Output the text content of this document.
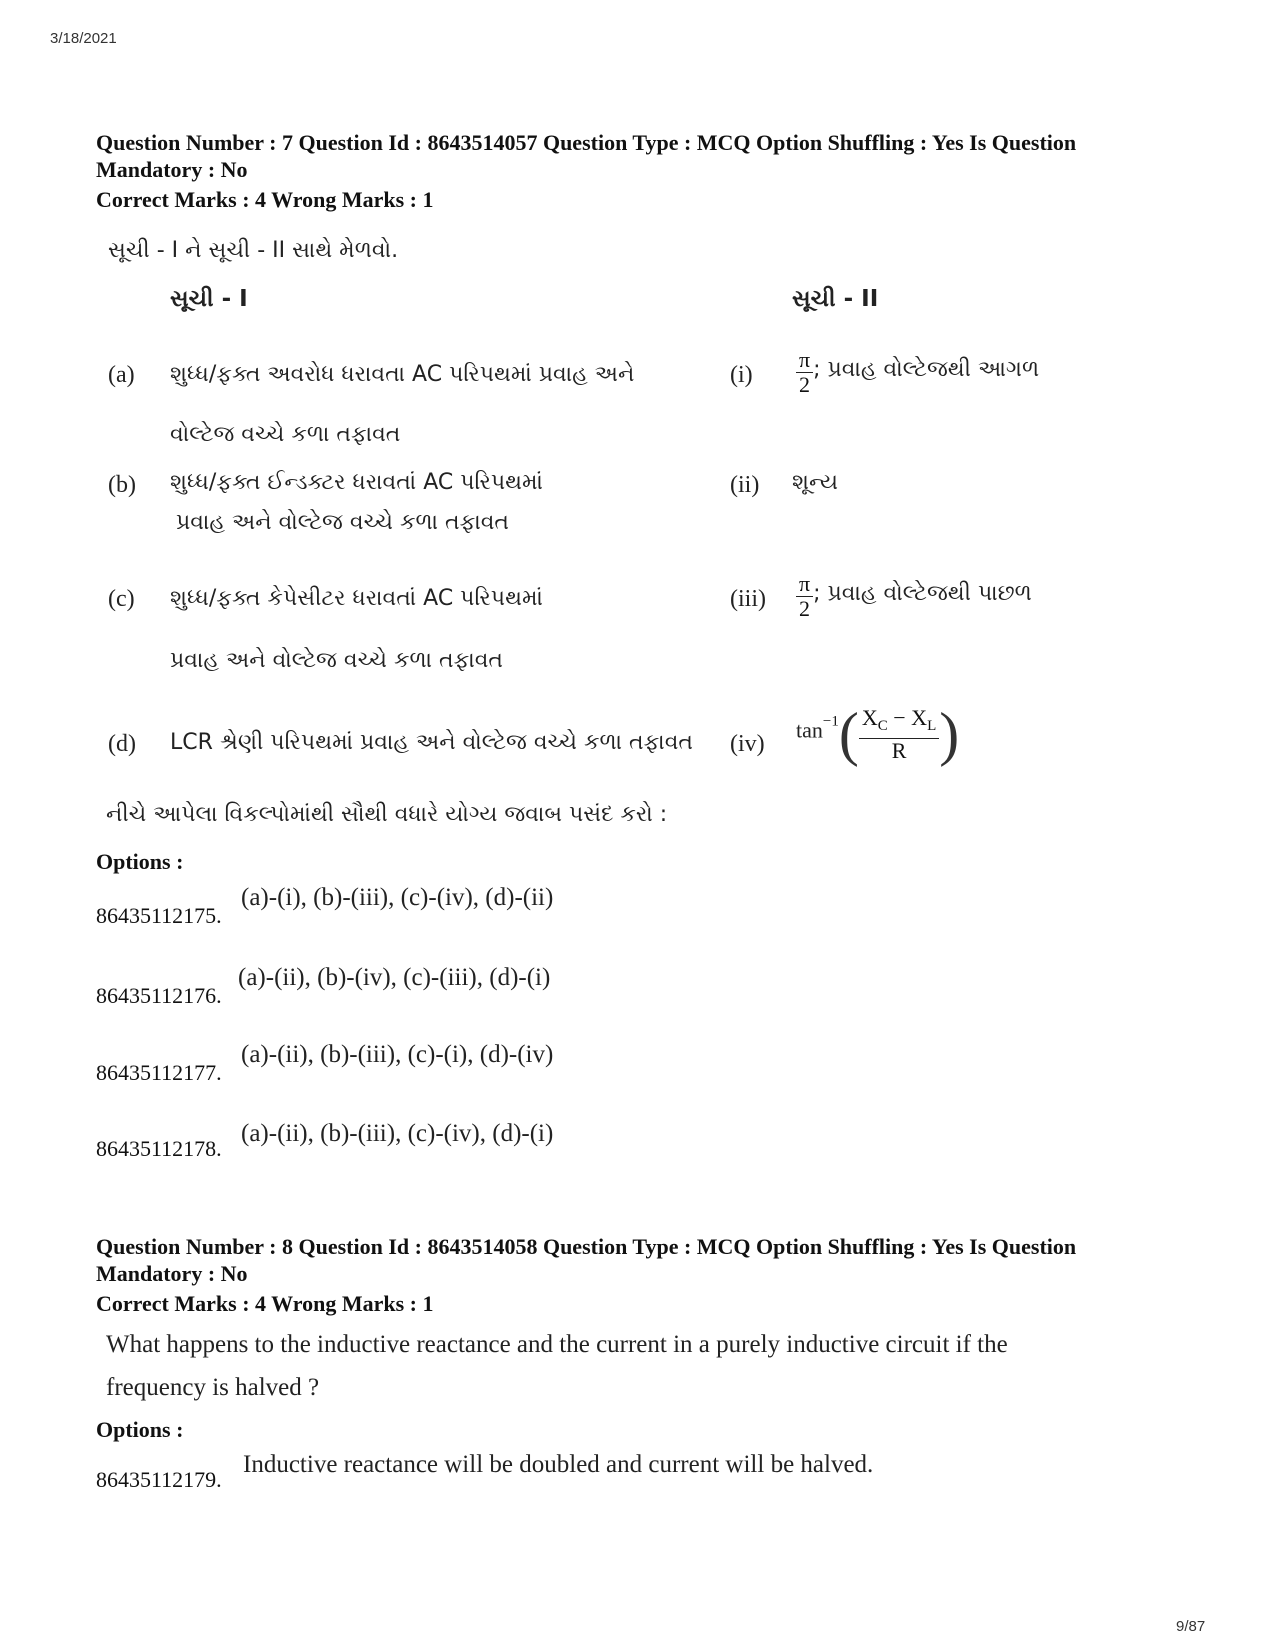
3/18/2021
Question Number : 7 Question Id : 8643514057 Question Type : MCQ Option Shuffling : Yes Is Question
Mandatory : No
Correct Marks : 4 Wrong Marks : 1
સૂચી - I ને સૂચી - II સાથે મેળવો.
સૂચી - I	સૂચી - II
(a) શુધ્ધ/ફક્ત અવરોધ ધરાવતા AC પરિપથમાં પ્રવાહ અને
વોલ્ટેજ વચ્ચે કળા તફાવત
$(i) \frac{\pi}{2}$ ; પ્રવાહ વોલ્ટેજથી આગળ
(b) શુધ્ધ/ફક્ત ઈન્ડક્ટર ધરાવતાં AC પરિપથમાં
પ્રવાહ અને વોલ્ટેજ વચ્ચે કળા તફાવત
(ii) શૂન્ય
(c) શુધ્ધ/ફક્ત કેપેસીટર ધરાવતાં AC પરિપથમાં
પ્રવાહ અને વોલ્ટેજ વચ્ચે કળા તફાવત
$(iii) \frac{\pi}{2}$ ; પ્રવાહ વોલ્ટેજથી પાછળ
(d) LCR શ્રેણી પરિપથમાં પ્રવાહ અને વોલ્ટેજ વચ્ચે કળા તફાવત (iv)
$\tan-1( \frac{X_C - X_L}{R}$ )
નીચે આપેલા વિકલ્પોમાંથી સૌથી વધારે યોગ્ય જવાબ પસંદ કરો :
Options :
86435112175.
(a)-(i), (b)-(iii), (c)-(iv), (d)-(ii)
86435112176.
(a)-(ii), (b)-(iv), (c)-(iii), (d)-(i)
86435112177.
(a)-(ii), (b)-(iii), (c)-(i), (d)-(iv)
86435112178.
(a)-(ii), (b)-(iii), (c)-(iv), (d)-(i)
Question Number : 8 Question Id : 8643514058 Question Type : MCQ Option Shuffling : Yes Is Question
Mandatory : No
Correct Marks : 4 Wrong Marks : 1
What happens to the inductive reactance and the current in a purely inductive circuit if the
frequency is halved ?
Options :
86435112179.
Inductive reactance will be doubled and current will be halved.
9/87
